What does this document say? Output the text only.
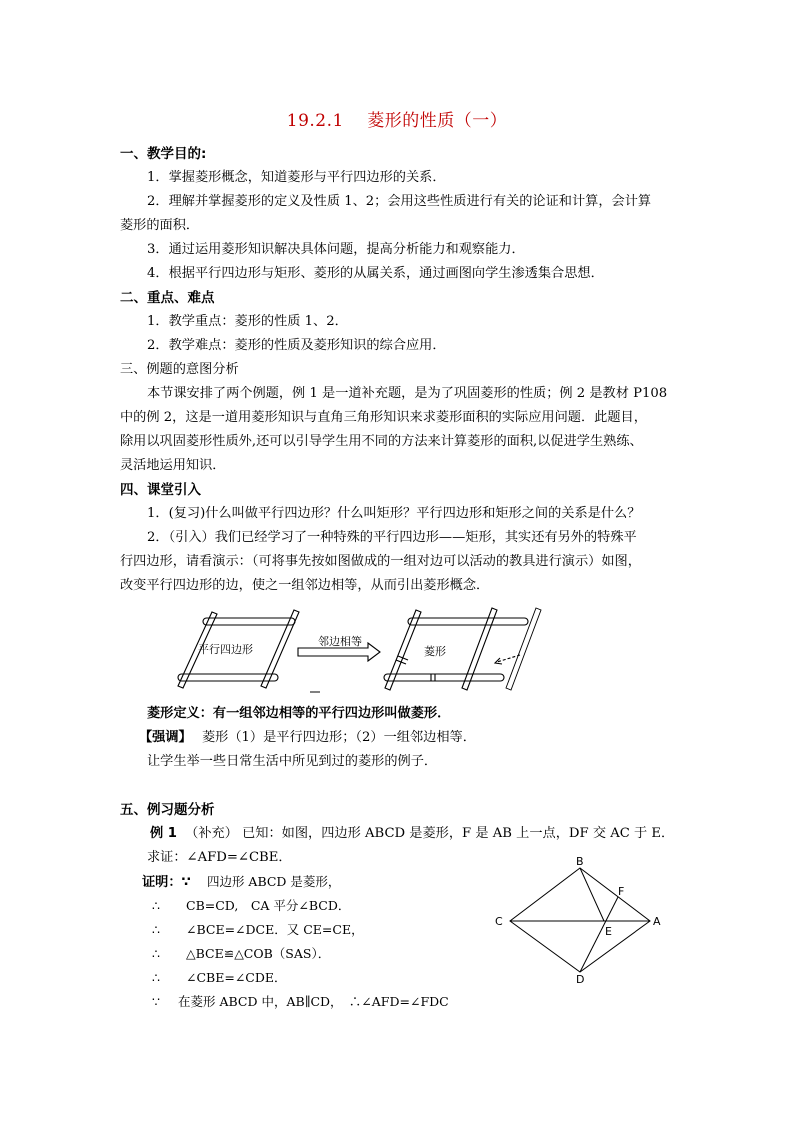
19.2.1　 菱形的性质（一）
一、教学目的:
1．掌握菱形概念，知道菱形与平行四边形的关系．
2．理解并掌握菱形的定义及性质 1、2；会用这些性质进行有关的论证和计算，会计算
菱形的面积．
3．通过运用菱形知识解决具体问题，提高分析能力和观察能力．
4．根据平行四边形与矩形、菱形的从属关系，通过画图向学生渗透集合思想．
二、重点、难点
1．教学重点：菱形的性质 1、2．
2．教学难点：菱形的性质及菱形知识的综合应用．
三、例题的意图分析
本节课安排了两个例题，例 1 是一道补充题，是为了巩固菱形的性质；例 2 是教材 P108
中的例 2，这是一道用菱形知识与直角三角形知识来求菱形面积的实际应用问题．此题目，
除用以巩固菱形性质外,还可以引导学生用不同的方法来计算菱形的面积,以促进学生熟练、
灵活地运用知识．
四、课堂引入
1．(复习)什么叫做平行四边形？什么叫矩形？平行四边形和矩形之间的关系是什么？
2．（引入）我们已经学习了一种特殊的平行四边形——矩形，其实还有另外的特殊平
行四边形，请看演示：（可将事先按如图做成的一组对边可以活动的教具进行演示）如图，
改变平行四边形的边，使之一组邻边相等，从而引出菱形概念．
平行四边形
邻边相等
菱形
菱形定义：有一组邻边相等的平行四边形叫做菱形．
【强调】 菱形（1）是平行四边形；（2）一组邻边相等．
让学生举一些日常生活中所见到过的菱形的例子．
五、例习题分析
例 1 （补充） 已知：如图，四边形 ABCD 是菱形，F 是 AB 上一点，DF 交 AC 于 E．
求证：∠AFD=∠CBE．
证明：∵ 四边形 ABCD 是菱形，
∴ CB=CD,　CA 平分∠BCD．
∴ ∠BCE=∠DCE．又 CE=CE，
∴ △BCE≌△COB（SAS）．
∴ ∠CBE=∠CDE．
∵ 在菱形 ABCD 中，AB∥CD，　∴∠AFD=∠FDC
B
F
C
E
A
D
